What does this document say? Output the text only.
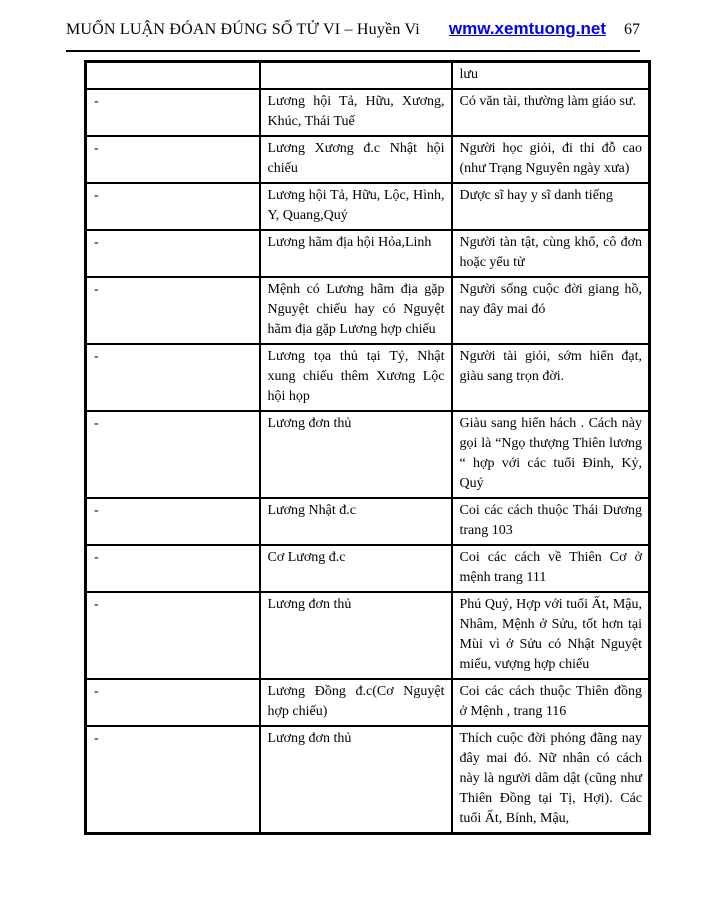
MUỐN LUẬN ĐÓAN ĐÚNG SỐ TỬ VI – Huyền Vi wmw.xemtuong.net 67
		lưu
-	Lương hội Tả, Hữu, Xương, Khúc, Thái Tuế	Có văn tài, thường làm giáo sư.
-	Lương Xương đ.c Nhật hội chiếu	Người học giỏi, đi thi đỗ cao (như Trạng Nguyên ngày xưa)
-	Lương hội Tả, Hữu, Lộc, Hình, Y, Quang,Quý	Dược sĩ hay y sĩ danh tiếng
-	Lương hãm địa hội Hỏa,Linh	Người tàn tật, cùng khổ, cô đơn hoặc yểu tử
-	Mệnh có Lương hãm địa gặp Nguyệt chiếu hay có Nguyệt hãm địa gặp Lương hợp chiếu	Người sống cuộc đời giang hồ, nay đây mai đó
-	Lương tọa thủ tại Tý, Nhật xung chiếu thêm Xương Lộc hội họp	Người tài giỏi, sớm hiển đạt, giàu sang trọn đời.
-	Lương đơn thủ	Giàu sang hiển hách . Cách này gọi là “Ngọ thượng Thiên lương “ hợp với các tuổi Đinh, Kỷ, Quý
-	Lương Nhật đ.c	Coi các cách thuộc Thái Dương trang 103
-	Cơ Lương đ.c	Coi các cách về Thiên Cơ ở mệnh trang 111
-	Lương đơn thủ	Phú Quý, Hợp với tuổi Ất, Mậu, Nhâm, Mệnh ở Sửu, tốt hơn tại Mùi vì ở Sửu có Nhật Nguyệt miếu, vượng hợp chiếu
-	Lương Đồng đ.c(Cơ Nguyệt hợp chiếu)	Coi các cách thuộc Thiên đồng ở Mệnh , trang 116
-	Lương đơn thủ	Thích cuộc đời phóng đãng nay đây mai đó. Nữ nhân có cách này là người dâm dật (cũng như Thiên Đồng tại Tị, Hợi). Các tuổi Ất, Bính, Mậu,
